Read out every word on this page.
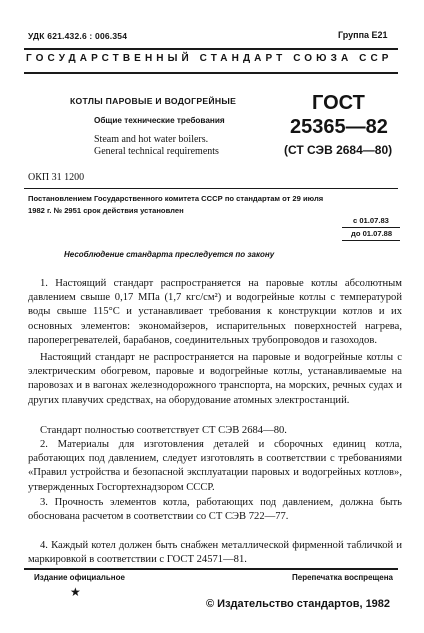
УДК 621.432.6 : 006.354	Группа Е21
ГОСУДАРСТВЕННЫЙ СТАНДАРТ СОЮЗА ССР
КОТЛЫ ПАРОВЫЕ И ВОДОГРЕЙНЫЕ
Общие технические требования
Steam and hot water boilers.
General technical requirements
ГОСТ
25365—82
(СТ СЭВ 2684—80)
ОКП 31 1200
Постановлением Государственного комитета СССР по стандартам от 29 июля
1982 г. № 2951 срок действия установлен
с 01.07.83
до 01.07.88
Несоблюдение стандарта преследуется по закону

1. Настоящий стандарт распространяется на паровые котлы абсолютным давлением свыше 0,17 МПа (1,7 кгс/см²) и водогрейные котлы с температурой воды свыше 115°С и устанавливает требования к конструкции котлов и их основных элементов: экономайзеров, испарительных поверхностей нагрева, пароперегревателей, барабанов, соединительных трубопроводов и газоходов.

Настоящий стандарт не распространяется на паровые и водогрейные котлы с электрическим обогревом, паровые и водогрейные котлы, устанавливаемые на паровозах и в вагонах железнодорожного транспорта, на морских, речных судах и других плавучих средствах, на оборудование атомных электростанций.

Стандарт полностью соответствует СТ СЭВ 2684—80.

2. Материалы для изготовления деталей и сборочных единиц котла, работающих под давлением, следует изготовлять в соответствии с требованиями «Правил устройства и безопасной эксплуатации паровых и водогрейных котлов», утвержденных Госгортехнадзором СССР.

3. Прочность элементов котла, работающих под давлением, должна быть обоснована расчетом в соответствии со СТ СЭВ 722—77.

4. Каждый котел должен быть снабжен металлической фирменной табличкой и маркировкой в соответствии с ГОСТ 24571—81.

Издание официальное	Перепечатка воспрещена
★
© Издательство стандартов, 1982
